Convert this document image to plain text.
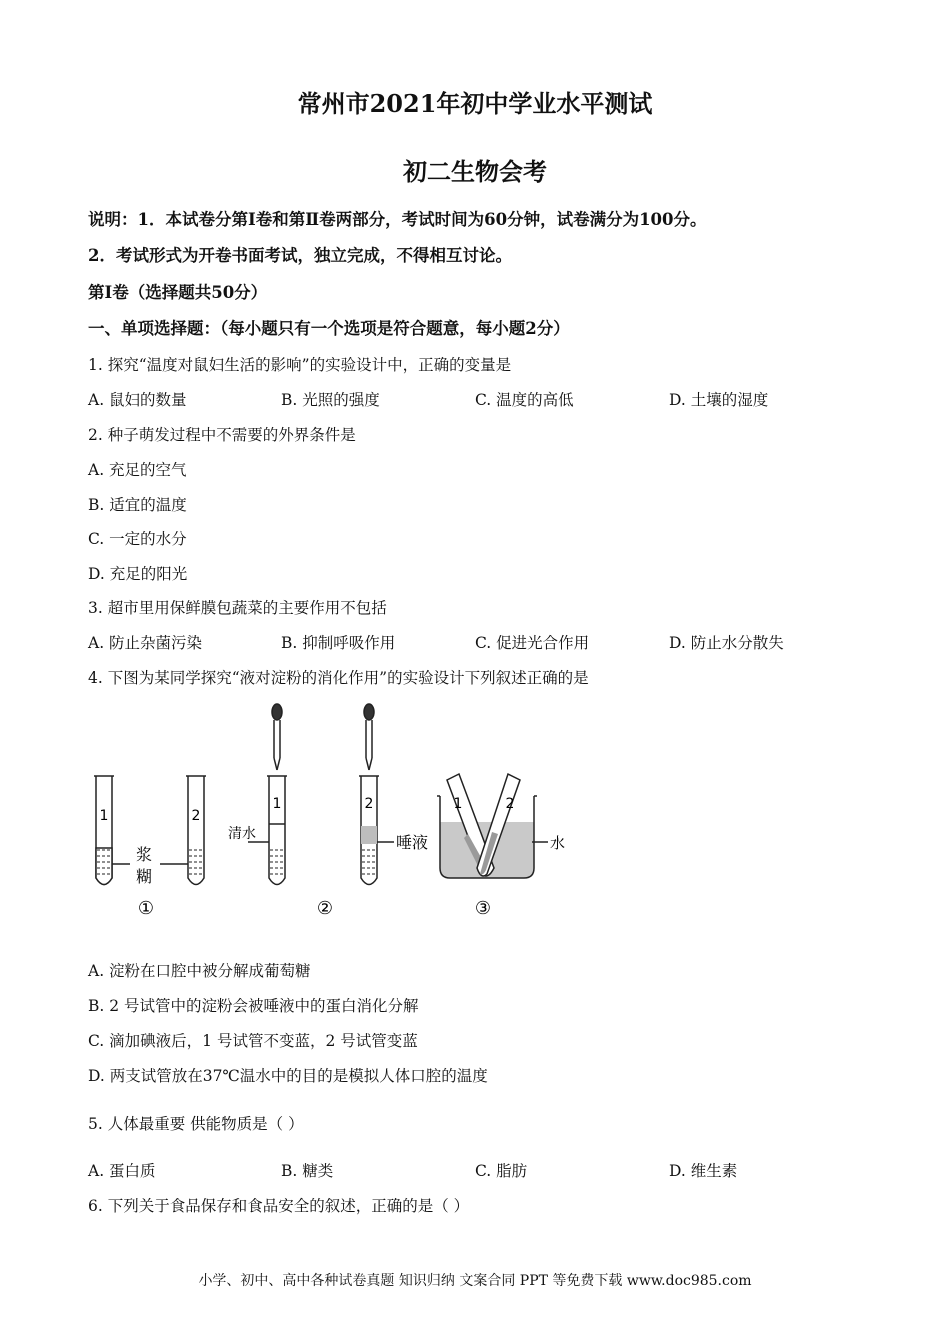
常州市2021年初中学业水平测试
初二生物会考
说明：1．本试卷分第Ⅰ卷和第Ⅱ卷两部分，考试时间为60分钟，试卷满分为100分。
2．考试形式为开卷书面考试，独立完成，不得相互讨论。
第Ⅰ卷（选择题共50分）
一、单项选择题：（每小题只有一个选项是符合题意，每小题2分）
1. 探究“温度对鼠妇生活的影响”的实验设计中，正确的变量是
A. 鼠妇的数量	B. 光照的强度	C. 温度的高低	D. 土壤的湿度
2. 种子萌发过程中不需要的外界条件是
A. 充足的空气
B. 适宜的温度
C. 一定的水分
D. 充足的阳光
3. 超市里用保鲜膜包蔬菜的主要作用不包括
A. 防止杂菌污染	B. 抑制呼吸作用	C. 促进光合作用	D. 防止水分散失
4. 下图为某同学探究“液对淀粉的消化作用”的实验设计下列叙述正确的是
1	2
1	2	1	2
浆
糊
清水	唾液	水
①	②	③
A. 淀粉在口腔中被分解成葡萄糖
B. 2 号试管中的淀粉会被唾液中的蛋白消化分解
C. 滴加碘液后，1 号试管不变蓝，2 号试管变蓝
D. 两支试管放在37℃温水中的目的是模拟人体口腔的温度
5. 人体最重要 供能物质是（ ）
A. 蛋白质	B. 糖类	C. 脂肪	D. 维生素
6. 下列关于食品保存和食品安全的叙述，正确的是（ ）
小学、初中、高中各种试卷真题 知识归纳 文案合同 PPT 等免费下载 www.doc985.com
